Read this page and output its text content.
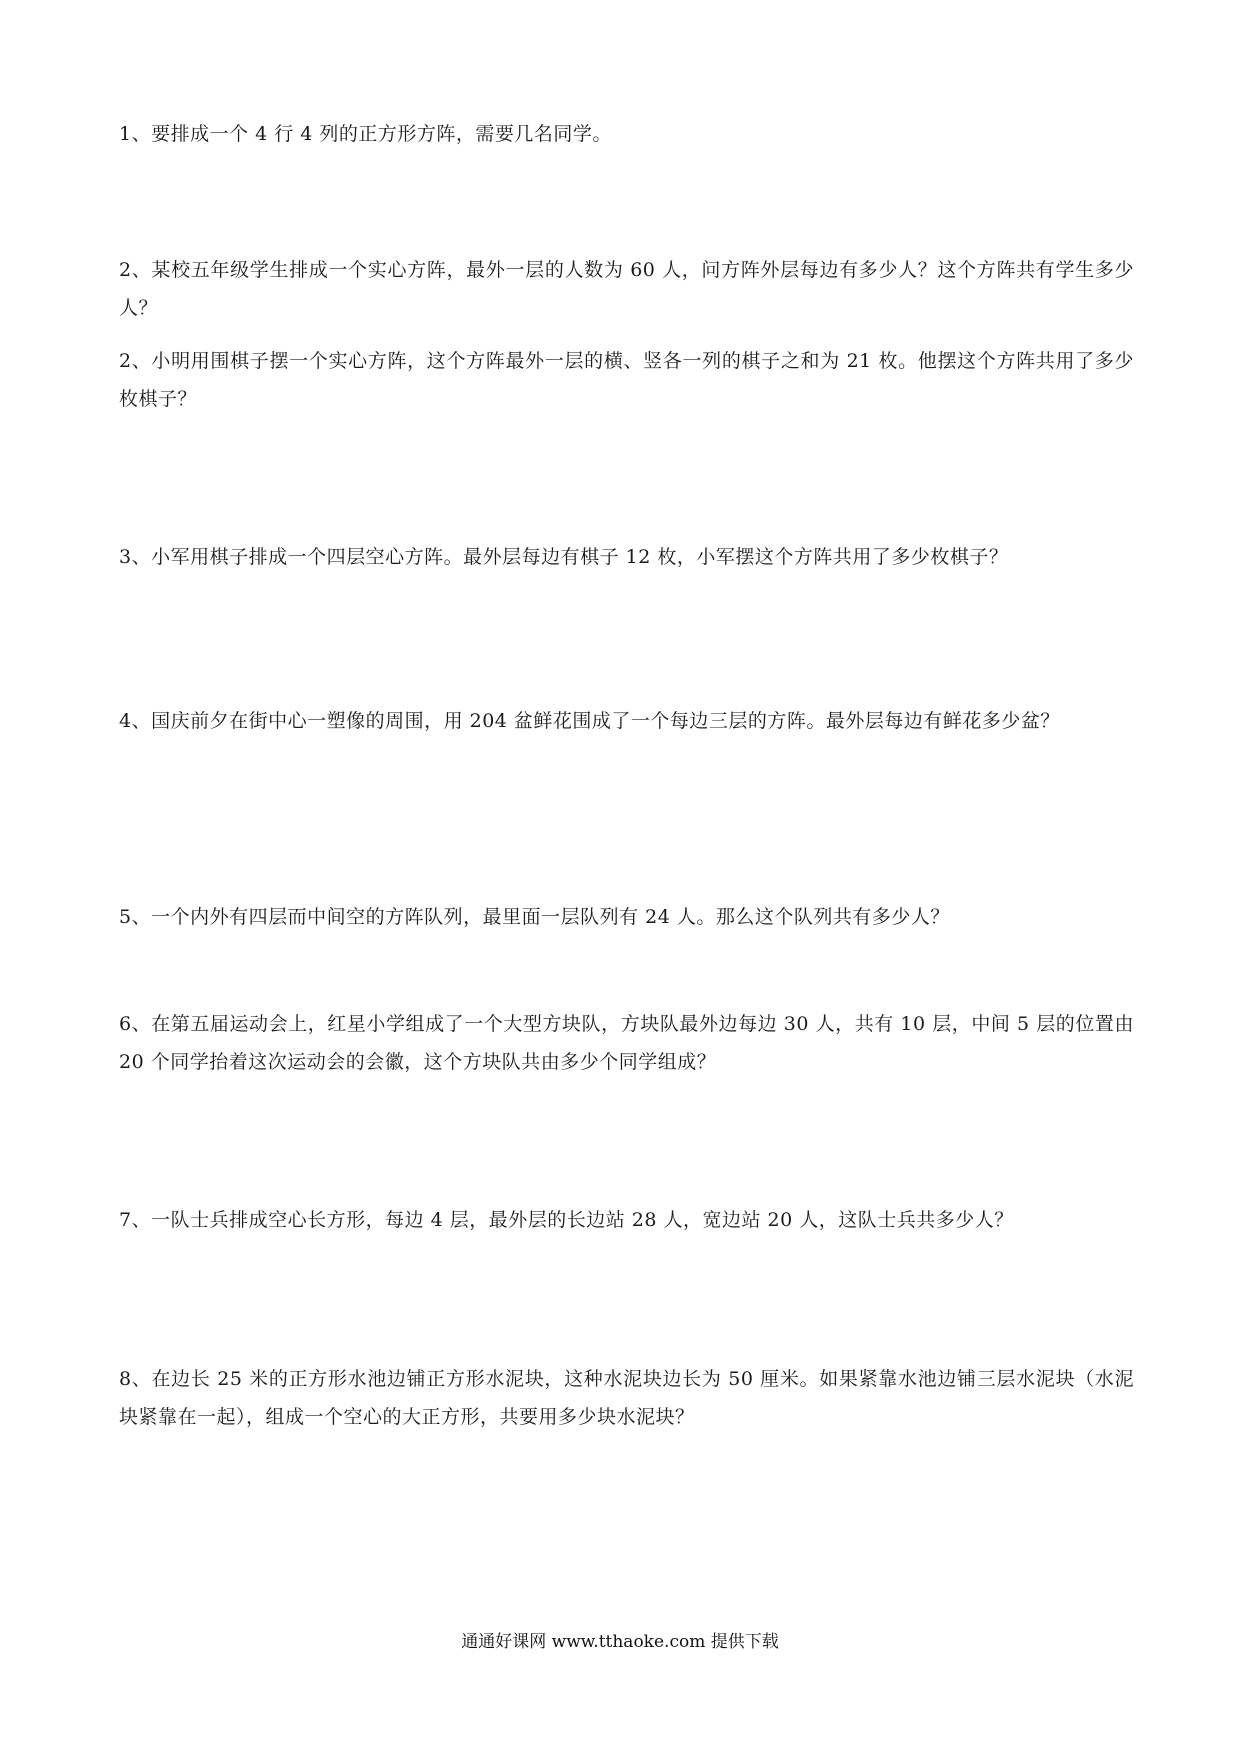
1、要排成一个 4 行 4 列的正方形方阵，需要几名同学。

2、某校五年级学生排成一个实心方阵，最外一层的人数为 60 人，问方阵外层每边有多少人？这个方阵共有学生多少人？

2、小明用围棋子摆一个实心方阵，这个方阵最外一层的横、竖各一列的棋子之和为 21 枚。他摆这个方阵共用了多少枚棋子？

3、小军用棋子排成一个四层空心方阵。最外层每边有棋子 12 枚，小军摆这个方阵共用了多少枚棋子？

4、国庆前夕在街中心一塑像的周围，用 204 盆鲜花围成了一个每边三层的方阵。最外层每边有鲜花多少盆？

5、一个内外有四层而中间空的方阵队列，最里面一层队列有 24 人。那么这个队列共有多少人？

6、在第五届运动会上，红星小学组成了一个大型方块队，方块队最外边每边 30 人，共有 10 层，中间 5 层的位置由 20 个同学抬着这次运动会的会徽，这个方块队共由多少个同学组成？

7、一队士兵排成空心长方形，每边 4 层，最外层的长边站 28 人，宽边站 20 人，这队士兵共多少人？

8、在边长 25 米的正方形水池边铺正方形水泥块，这种水泥块边长为 50 厘米。如果紧靠水池边铺三层水泥块（水泥块紧靠在一起），组成一个空心的大正方形，共要用多少块水泥块？

通通好课网 www.tthaoke.com 提供下载
